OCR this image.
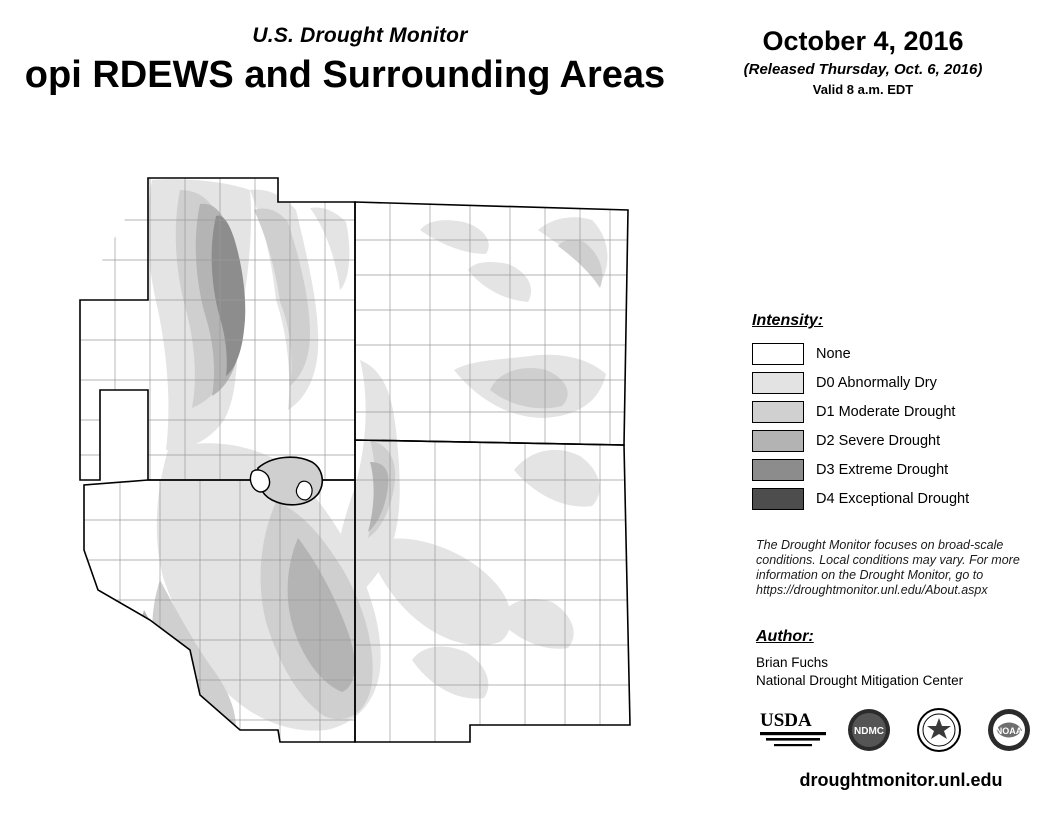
U.S. Drought Monitor
opi RDEWS and Surrounding Areas
October 4, 2016
(Released Thursday, Oct. 6, 2016)
Valid 8 a.m. EDT
Intensity:
None
D0 Abnormally Dry
D1 Moderate Drought
D2 Severe Drought
D3 Extreme Drought
D4 Exceptional Drought
The Drought Monitor focuses on broad-scale conditions. Local conditions may vary. For more information on the Drought Monitor, go to https://droughtmonitor.unl.edu/About.aspx
Author:
Brian Fuchs
National Drought Mitigation Center
USDA
NDMC	NOAA
droughtmonitor.unl.edu
